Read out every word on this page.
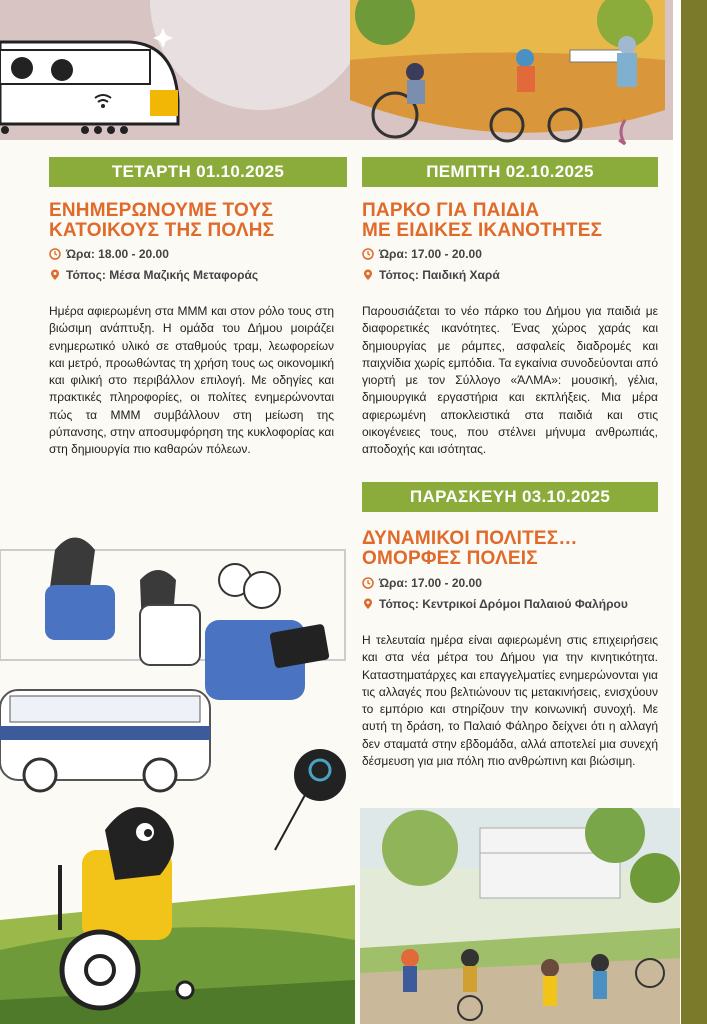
ΤΕΤΑΡΤΗ 01.10.2025
ΕΝΗΜΕΡΩΝΟΥΜΕ ΤΟΥΣ
ΚΑΤΟΙΚΟΥΣ ΤΗΣ ΠΟΛΗΣ
Ώρα: 18.00 - 20.00
Τόπος: Μέσα Μαζικής Μεταφοράς
Ημέρα αφιερωμένη στα ΜΜΜ και στον ρόλο τους στη βιώσιμη ανάπτυξη. Η ομάδα του Δήμου μοιράζει ενημερωτικό υλικό σε σταθμούς τραμ, λεωφορείων και μετρό, προωθώντας τη χρήση τους ως οικονομική και φιλική στο περιβάλλον επιλογή. Με οδηγίες και πρακτικές πληροφορίες, οι πολίτες ενημερώνονται πώς τα ΜΜΜ συμβάλλουν στη μείωση της ρύπανσης, στην αποσυμφόρηση της κυκλοφορίας και στη δημιουργία πιο καθαρών πόλεων.
ΠΕΜΠΤΗ 02.10.2025
ΠΑΡΚΟ ΓΙΑ ΠΑΙΔΙΑ
ΜΕ ΕΙΔΙΚΕΣ ΙΚΑΝΟΤΗΤΕΣ
Ώρα: 17.00 - 20.00
Τόπος: Παιδική Χαρά
Παρουσιάζεται το νέο πάρκο του Δήμου για παιδιά με διαφορετικές ικανότητες. Ένας χώρος χαράς και δημιουργίας με ράμπες, ασφαλείς διαδρομές και παιχνίδια χωρίς εμπόδια. Τα εγκαίνια συνοδεύονται από γιορτή με τον Σύλλογο «ΆΛΜΑ»: μουσική, γέλια, δημιουργικά εργαστήρια και εκπλήξεις. Μια μέρα αφιερωμένη αποκλειστικά στα παιδιά και στις οικογένειες τους, που στέλνει μήνυμα ανθρωπιάς, αποδοχής και ισότητας.
ΠΑΡΑΣΚΕΥΗ 03.10.2025
ΔΥΝΑΜΙΚΟΙ ΠΟΛΙΤΕΣ…
ΟΜΟΡΦΕΣ ΠΟΛΕΙΣ
Ώρα: 17.00 - 20.00
Τόπος: Κεντρικοί Δρόμοι Παλαιού Φαλήρου
Η τελευταία ημέρα είναι αφιερωμένη στις επιχειρήσεις και στα νέα μέτρα του Δήμου για την κινητικότητα. Καταστηματάρχες και επαγγελματίες ενημερώνονται για τις αλλαγές που βελτιώνουν τις μετακινήσεις, ενισχύουν το εμπόριο και στηρίζουν την κοινωνική συνοχή. Με αυτή τη δράση, το Παλαιό Φάληρο δείχνει ότι η αλλαγή δεν σταματά στην εβδομάδα, αλλά αποτελεί μια συνεχή δέσμευση για μια πόλη πιο ανθρώπινη και βιώσιμη.
